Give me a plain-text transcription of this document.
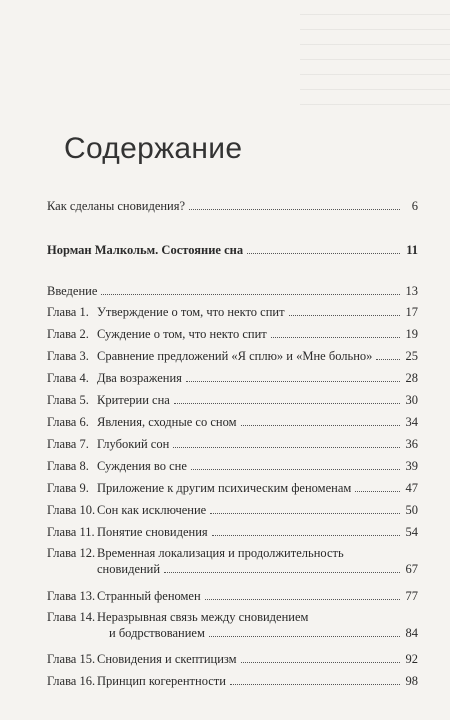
Содержание
Как сделаны сновидения?	6
Норман Малкольм. Состояние сна	11
Введение	13
Глава 1. Утверждение о том, что некто спит	17
Глава 2. Суждение о том, что некто спит	19
Глава 3. Сравнение предложений «Я сплю» и «Мне больно»	25
Глава 4. Два возражения	28
Глава 5. Критерии сна	30
Глава 6. Явления, сходные со сном	34
Глава 7. Глубокий сон	36
Глава 8. Суждения во сне	39
Глава 9. Приложение к другим психическим феноменам	47
Глава 10. Сон как исключение	50
Глава 11. Понятие сновидения	54
Глава 12. Временная локализация и продолжительность
сновидений	67
Глава 13. Странный феномен	77
Глава 14. Неразрывная связь между сновидением
и бодрствованием	84
Глава 15. Сновидения и скептицизм	92
Глава 16. Принцип когерентности	98
